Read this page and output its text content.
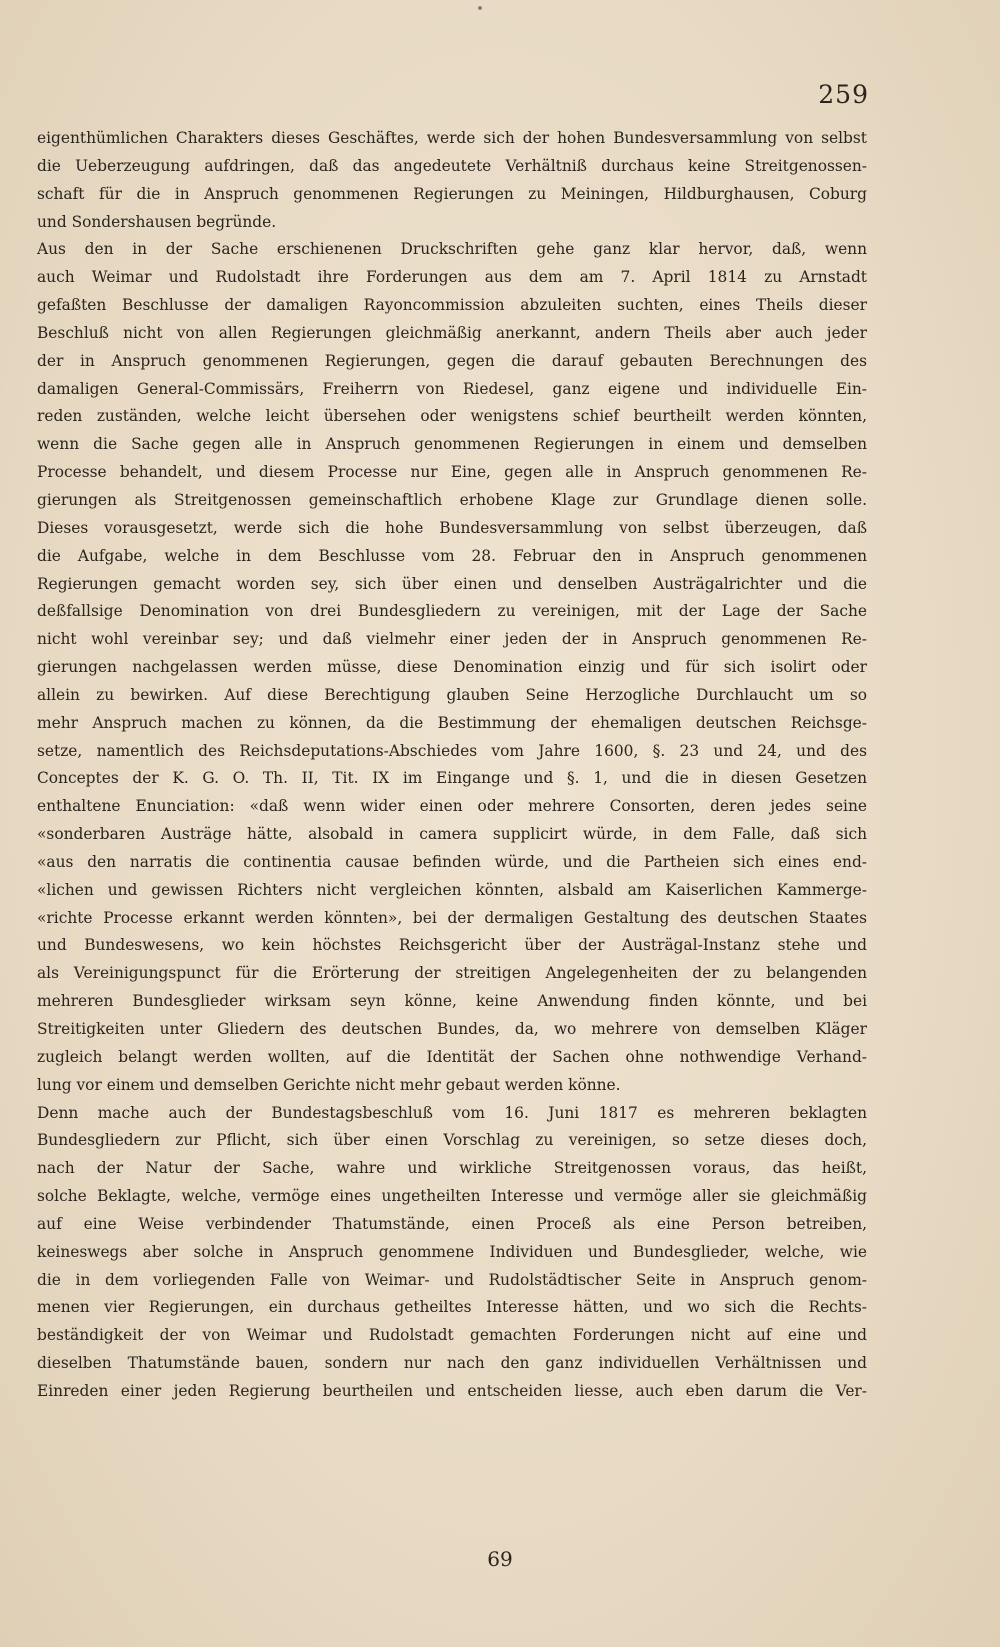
259
eigenthümlichen Charakters dieses Geschäftes, werde sich der hohen Bundesversammlung von selbst
die Ueberzeugung aufdringen, daß das angedeutete Verhältniß durchaus keine Streitgenossen-
schaft für die in Anspruch genommenen Regierungen zu Meiningen, Hildburghausen, Coburg
und Sondershausen begründe.
Aus den in der Sache erschienenen Druckschriften gehe ganz klar hervor, daß, wenn
auch Weimar und Rudolstadt ihre Forderungen aus dem am 7. April 1814 zu Arnstadt
gefaßten Beschlusse der damaligen Rayoncommission abzuleiten suchten, eines Theils dieser
Beschluß nicht von allen Regierungen gleichmäßig anerkannt, andern Theils aber auch jeder
der in Anspruch genommenen Regierungen, gegen die darauf gebauten Berechnungen des
damaligen General-Commissärs, Freiherrn von Riedesel, ganz eigene und individuelle Ein-
reden zuständen, welche leicht übersehen oder wenigstens schief beurtheilt werden könnten,
wenn die Sache gegen alle in Anspruch genommenen Regierungen in einem und demselben
Processe behandelt, und diesem Processe nur Eine, gegen alle in Anspruch genommenen Re-
gierungen als Streitgenossen gemeinschaftlich erhobene Klage zur Grundlage dienen solle.
Dieses vorausgesetzt, werde sich die hohe Bundesversammlung von selbst überzeugen, daß
die Aufgabe, welche in dem Beschlusse vom 28. Februar den in Anspruch genommenen
Regierungen gemacht worden sey, sich über einen und denselben Austrägalrichter und die
deßfallsige Denomination von drei Bundesgliedern zu vereinigen, mit der Lage der Sache
nicht wohl vereinbar sey; und daß vielmehr einer jeden der in Anspruch genommenen Re-
gierungen nachgelassen werden müsse, diese Denomination einzig und für sich isolirt oder
allein zu bewirken. Auf diese Berechtigung glauben Seine Herzogliche Durchlaucht um so
mehr Anspruch machen zu können, da die Bestimmung der ehemaligen deutschen Reichsge-
setze, namentlich des Reichsdeputations-Abschiedes vom Jahre 1600, §. 23 und 24, und des
Conceptes der K. G. O. Th. II, Tit. IX im Eingange und §. 1, und die in diesen Gesetzen
enthaltene Enunciation: «daß wenn wider einen oder mehrere Consorten, deren jedes seine
«sonderbaren Austräge hätte, alsobald in camera supplicirt würde, in dem Falle, daß sich
«aus den narratis die continentia causae befinden würde, und die Partheien sich eines end-
«lichen und gewissen Richters nicht vergleichen könnten, alsbald am Kaiserlichen Kammerge-
«richte Processe erkannt werden könnten», bei der dermaligen Gestaltung des deutschen Staates
und Bundeswesens, wo kein höchstes Reichsgericht über der Austrägal-Instanz stehe und
als Vereinigungspunct für die Erörterung der streitigen Angelegenheiten der zu belangenden
mehreren Bundesglieder wirksam seyn könne, keine Anwendung finden könnte, und bei
Streitigkeiten unter Gliedern des deutschen Bundes, da, wo mehrere von demselben Kläger
zugleich belangt werden wollten, auf die Identität der Sachen ohne nothwendige Verhand-
lung vor einem und demselben Gerichte nicht mehr gebaut werden könne.
Denn mache auch der Bundestagsbeschluß vom 16. Juni 1817 es mehreren beklagten
Bundesgliedern zur Pflicht, sich über einen Vorschlag zu vereinigen, so setze dieses doch,
nach der Natur der Sache, wahre und wirkliche Streitgenossen voraus, das heißt,
solche Beklagte, welche, vermöge eines ungetheilten Interesse und vermöge aller sie gleichmäßig
auf eine Weise verbindender Thatumstände, einen Proceß als eine Person betreiben,
keineswegs aber solche in Anspruch genommene Individuen und Bundesglieder, welche, wie
die in dem vorliegenden Falle von Weimar- und Rudolstädtischer Seite in Anspruch genom-
menen vier Regierungen, ein durchaus getheiltes Interesse hätten, und wo sich die Rechts-
beständigkeit der von Weimar und Rudolstadt gemachten Forderungen nicht auf eine und
dieselben Thatumstände bauen, sondern nur nach den ganz individuellen Verhältnissen und
Einreden einer jeden Regierung beurtheilen und entscheiden liesse, auch eben darum die Ver-
69
